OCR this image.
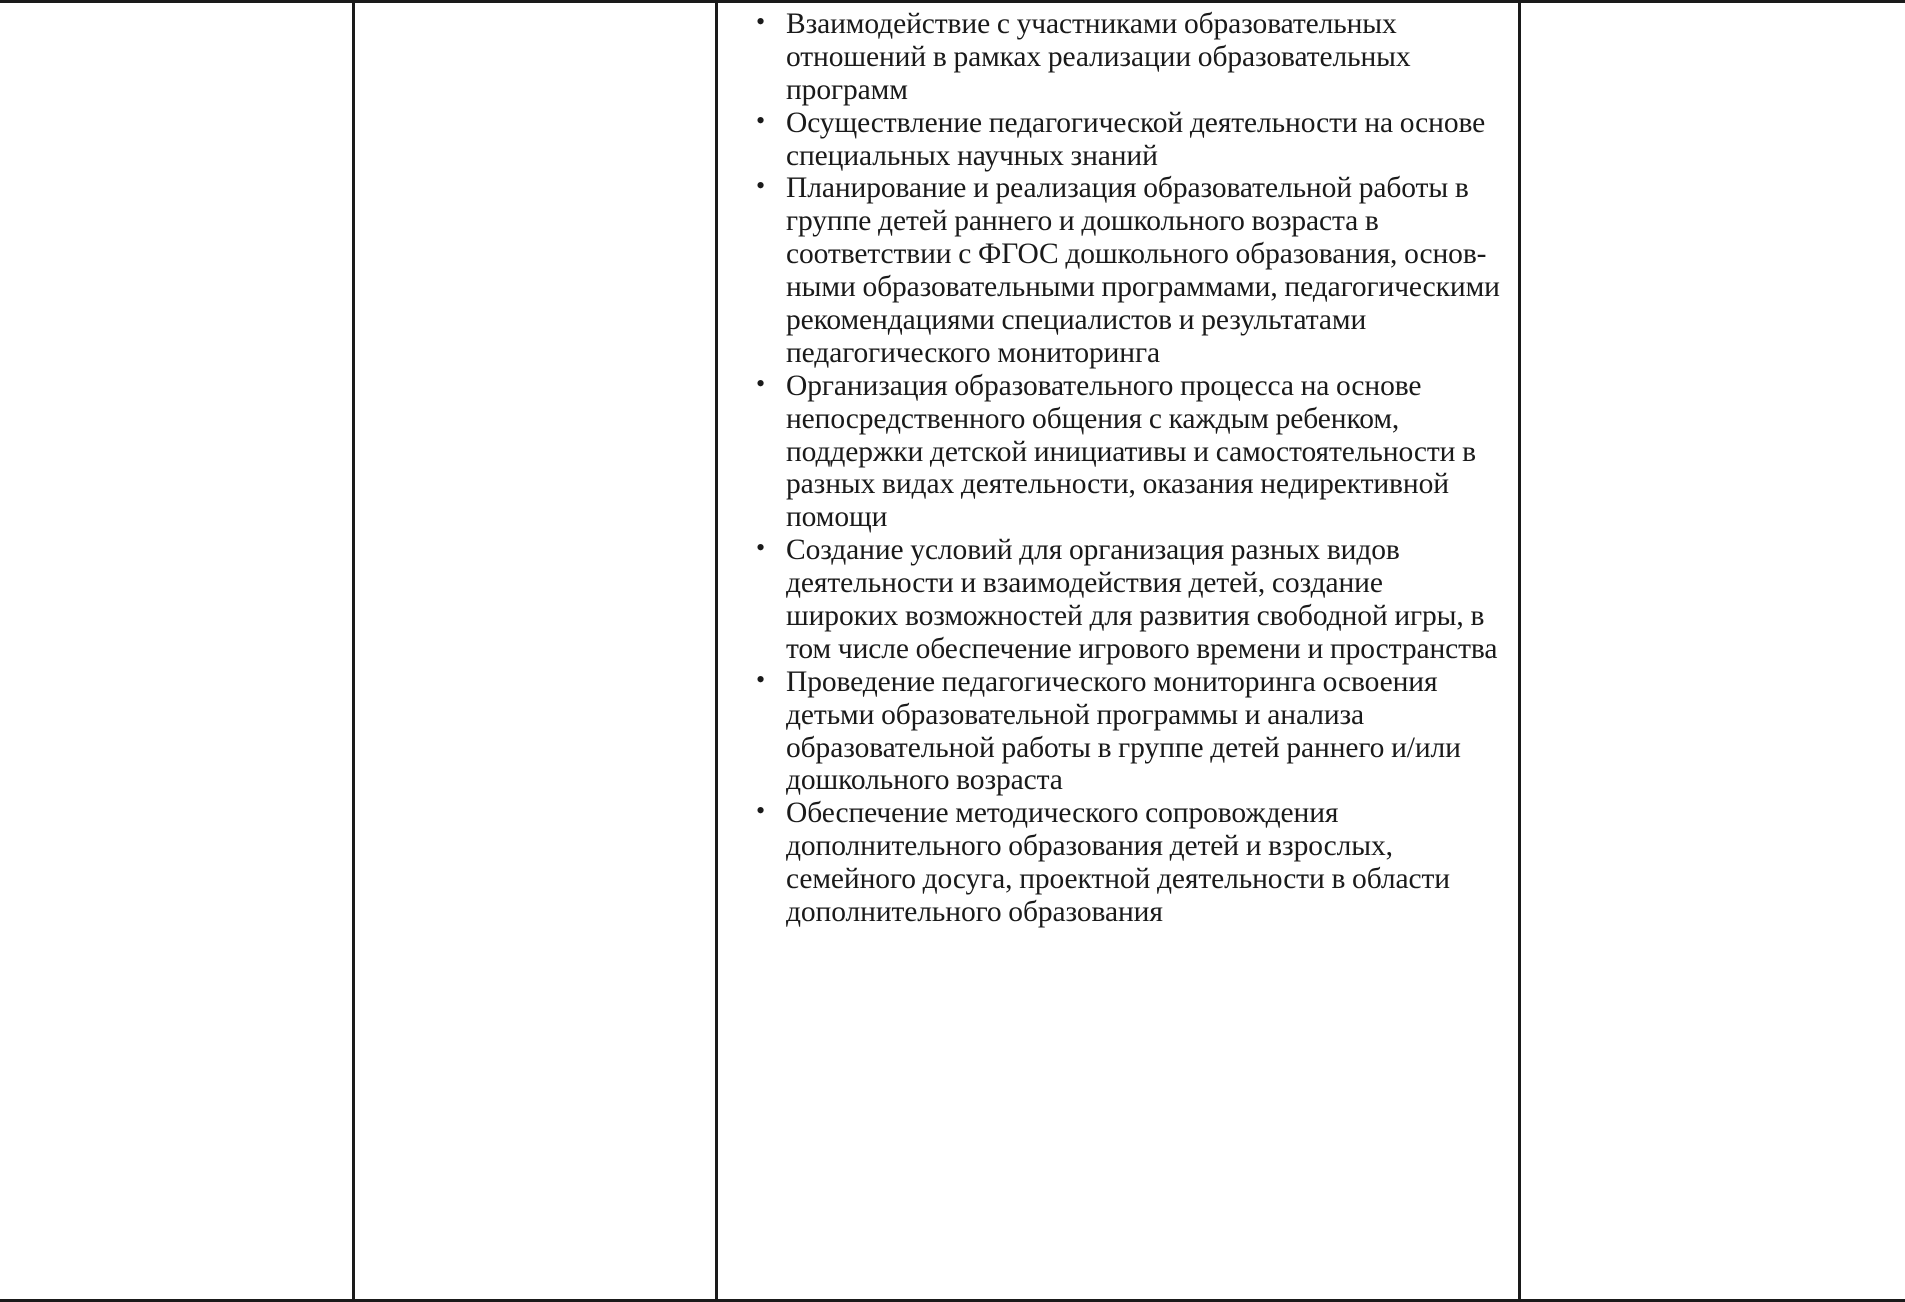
• Взаимодействие с участниками образовательных отношений в рамках реализации образовательных программ
• Осуществление педагогической деятельности на основе специальных научных знаний
• Планирование и реализация образовательной работы в группе детей раннего и дошкольного возраста в соответствии с ФГОС дошкольного образования, основными образовательными программами, педагогическими рекомендациями специалистов и результатами педагогического мониторинга
• Организация образовательного процесса на основе непосредственного общения с каждым ребенком, поддержки детской инициативы и самостоятельности в разных видах деятельности, оказания недирективной помощи
• Создание условий для организация разных видов деятельности и взаимодействия детей, создание широких возможностей для развития свободной игры, в том числе обеспечение игрового времени и пространства
• Проведение педагогического мониторинга освоения детьми образовательной программы и анализа образовательной работы в группе детей раннего и/или дошкольного возраста
• Обеспечение методического сопровождения дополнительного образования детей и взрослых, семейного досуга, проектной деятельности в области дополнительного образования
